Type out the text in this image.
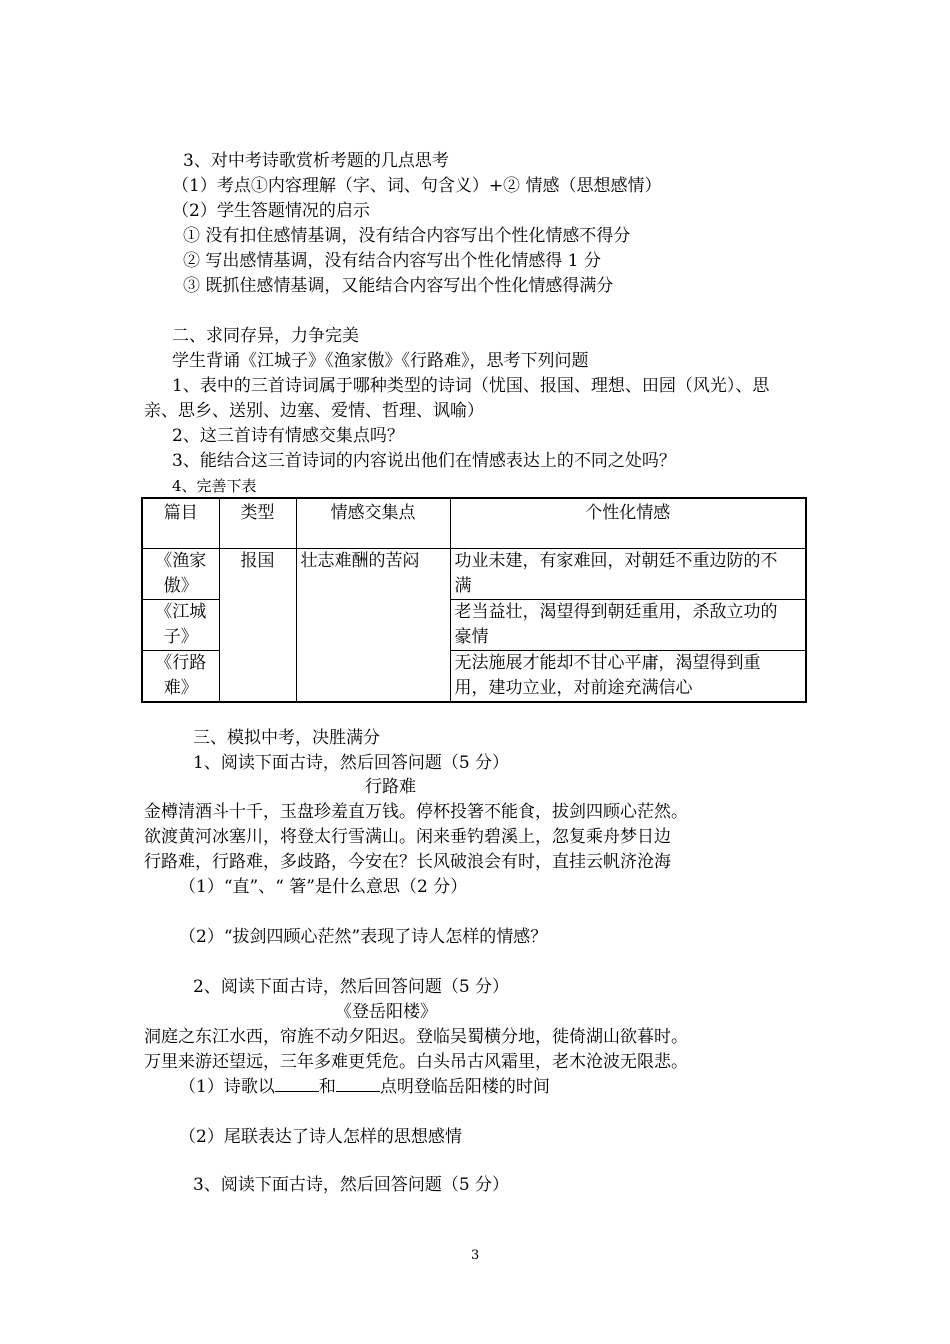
3、对中考诗歌赏析考题的几点思考
（1）考点①内容理解（字、词、句含义）+② 情感（思想感情）
（2）学生答题情况的启示
① 没有扣住感情基调，没有结合内容写出个性化情感不得分
② 写出感情基调，没有结合内容写出个性化情感得 1 分
③ 既抓住感情基调，又能结合内容写出个性化情感得满分
二、求同存异，力争完美
学生背诵《江城子》《渔家傲》《行路难》，思考下列问题
1、表中的三首诗词属于哪种类型的诗词（忧国、报国、理想、田园（风光）、思
亲、思乡、送别、边塞、爱情、哲理、讽喻）
2、这三首诗有情感交集点吗？
3、能结合这三首诗词的内容说出他们在情感表达上的不同之处吗？
4、完善下表
篇目	类型	情感交集点	个性化情感
《渔家
傲》	报国	壮志难酬的苦闷	功业未建，有家难回，对朝廷不重边防的不
满
《江城
子》			老当益壮，渴望得到朝廷重用，杀敌立功的
豪情
《行路
难》			无法施展才能却不甘心平庸，渴望得到重
用，建功立业，对前途充满信心
三、模拟中考，决胜满分
1、阅读下面古诗，然后回答问题（5 分）
行路难
金樽清酒斗十千，玉盘珍羞直万钱。停杯投箸不能食，拔剑四顾心茫然。
欲渡黄河冰塞川，将登太行雪满山。闲来垂钓碧溪上，忽复乘舟梦日边
行路难，行路难，多歧路，今安在？长风破浪会有时，直挂云帆济沧海
（1）“直”、“ 箸”是什么意思（2 分）
（2）“拔剑四顾心茫然”表现了诗人怎样的情感？
2、阅读下面古诗，然后回答问题（5 分）
《登岳阳楼》
洞庭之东江水西，帘旌不动夕阳迟。登临吴蜀横分地，徙倚湖山欲暮时。
万里来游还望远，三年多难更凭危。白头吊古风霜里，老木沧波无限悲。
（1）诗歌以	和	点明登临岳阳楼的时间
（2）尾联表达了诗人怎样的思想感情
3、阅读下面古诗，然后回答问题（5 分）
3
